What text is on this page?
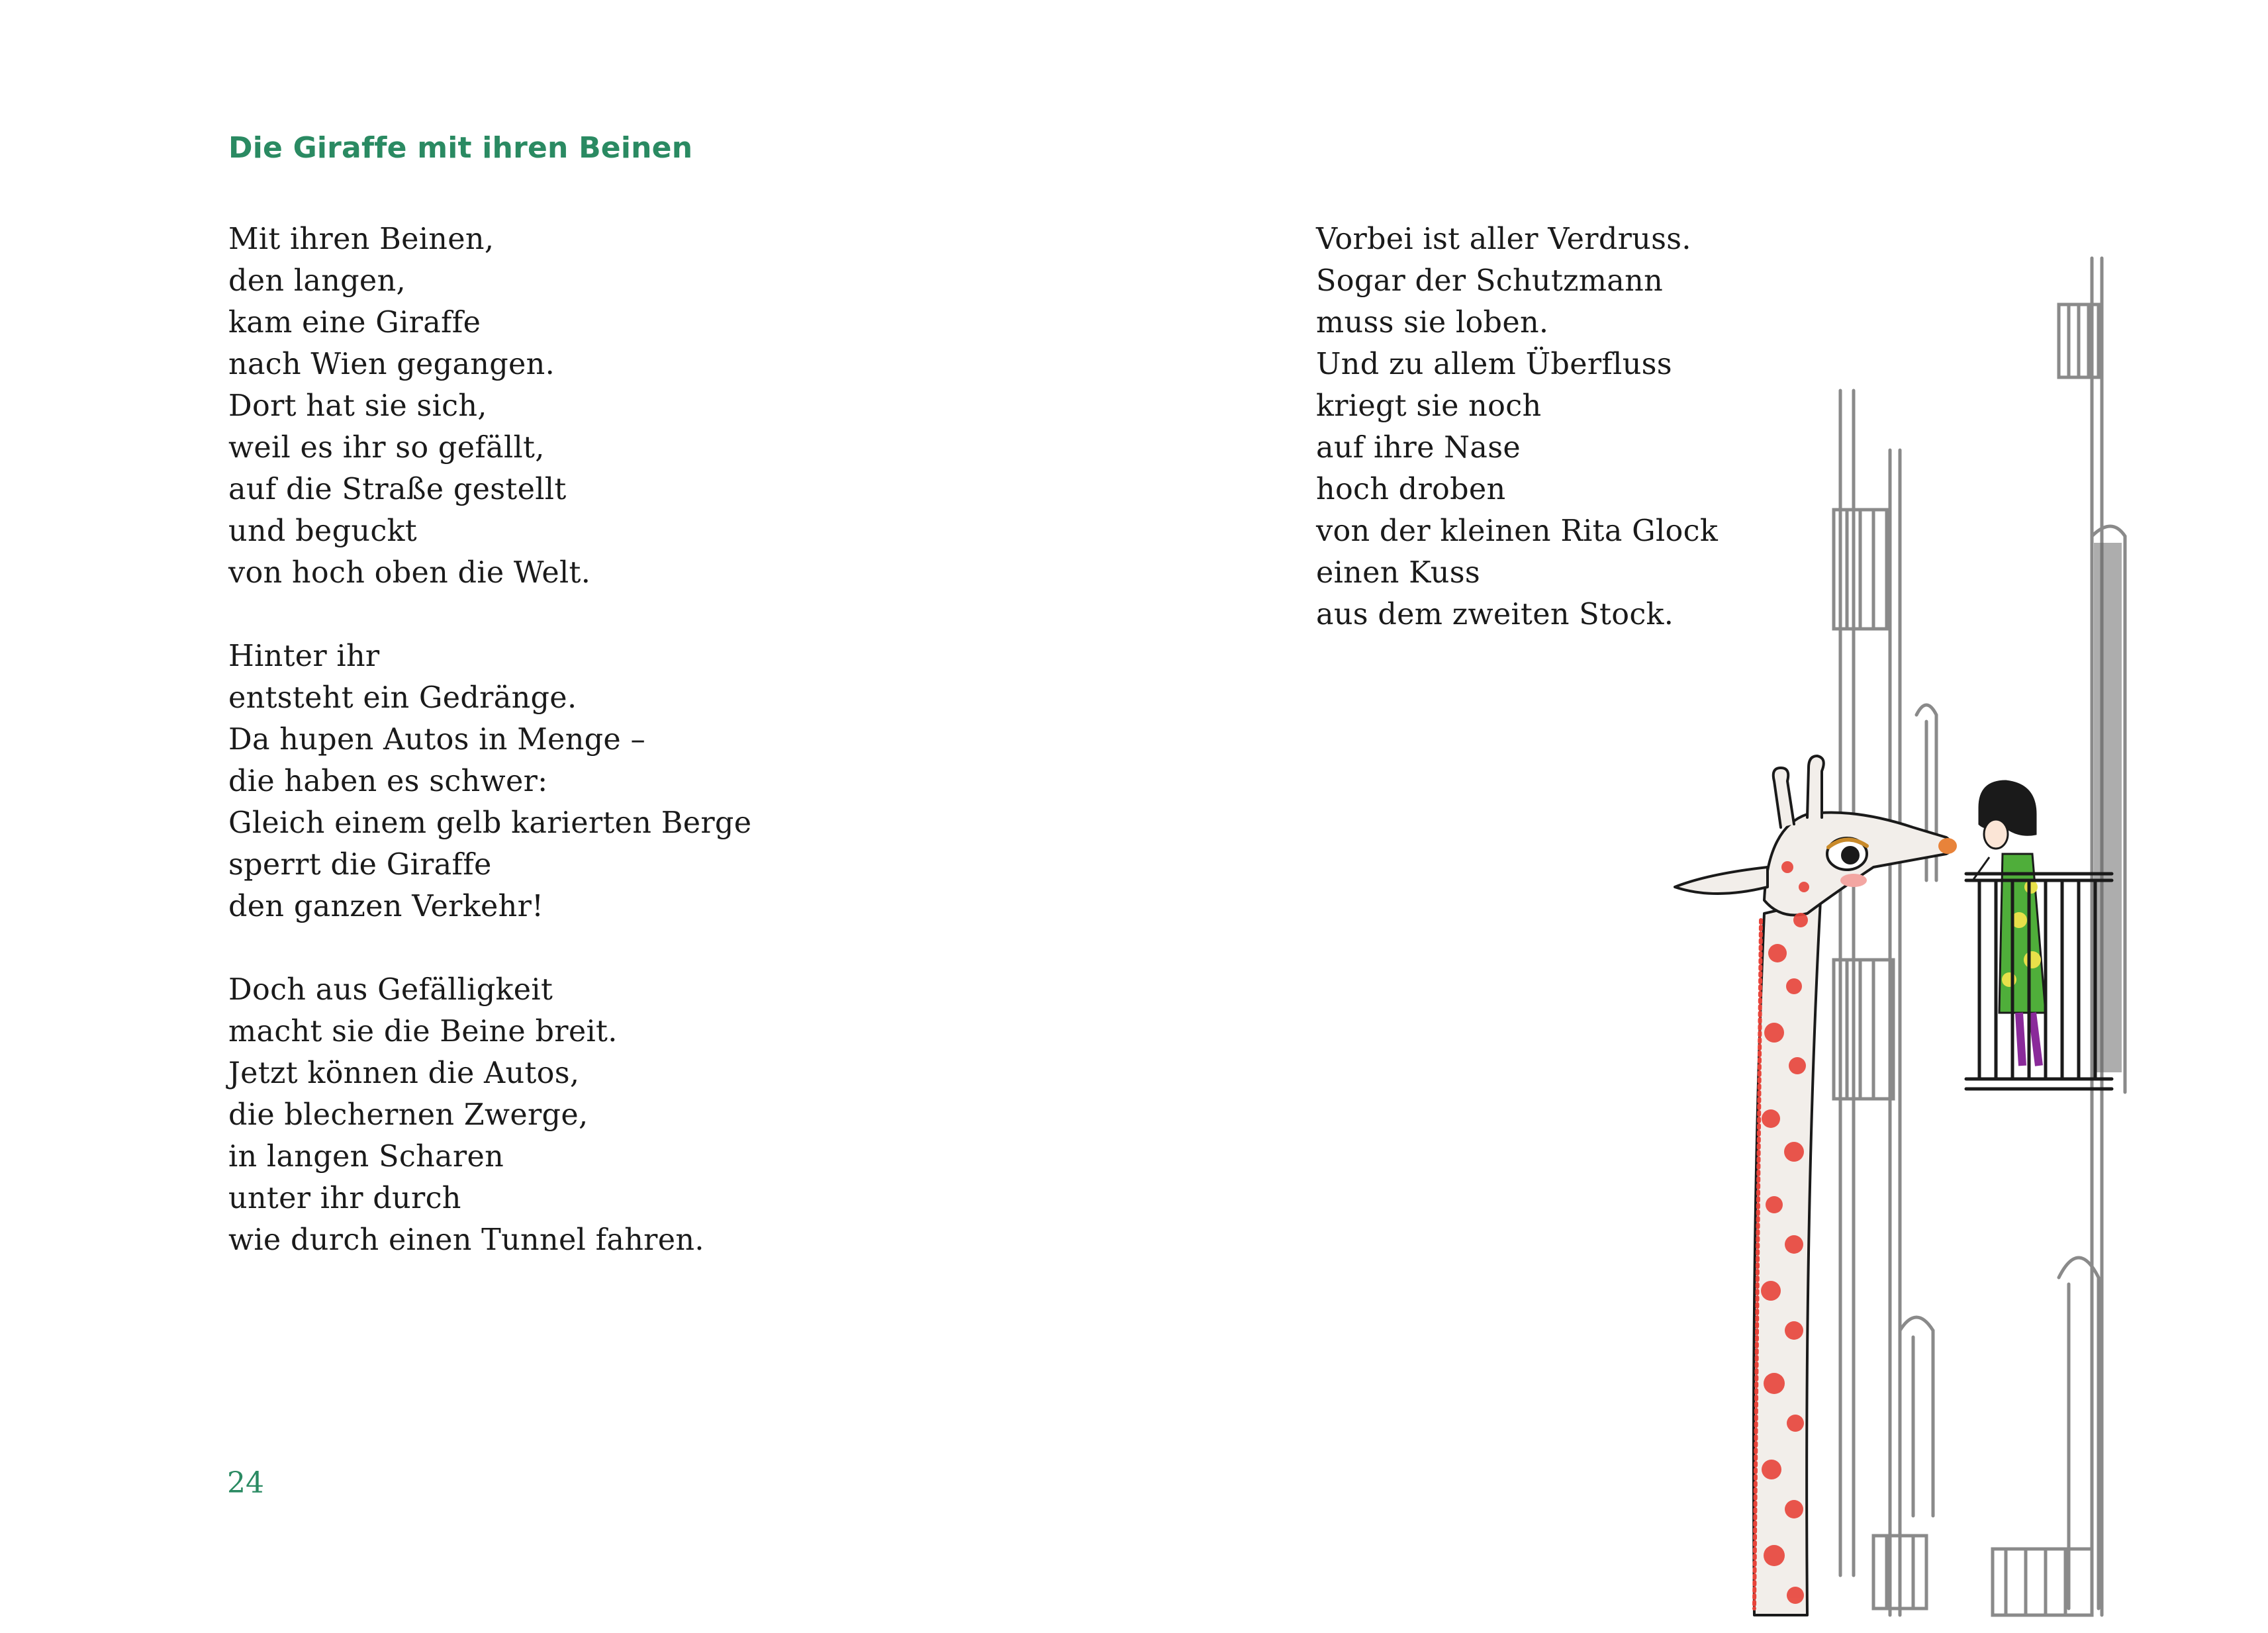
Die Giraffe mit ihren Beinen
Mit ihren Beinen,
den langen,
kam eine Giraffe
nach Wien gegangen.
Dort hat sie sich,
weil es ihr so gefällt,
auf die Straße gestellt
und beguckt
von hoch oben die Welt.
Hinter ihr
entsteht ein Gedränge.
Da hupen Autos in Menge –
die haben es schwer:
Gleich einem gelb karierten Berge
sperrt die Giraffe
den ganzen Verkehr!
Doch aus Gefälligkeit
macht sie die Beine breit.
Jetzt können die Autos,
die blechernen Zwerge,
in langen Scharen
unter ihr durch
wie durch einen Tunnel fahren.
Vorbei ist aller Verdruss.
Sogar der Schutzmann
muss sie loben.
Und zu allem Überfluss
kriegt sie noch
auf ihre Nase
hoch droben
von der kleinen Rita Glock
einen Kuss
aus dem zweiten Stock.
24
